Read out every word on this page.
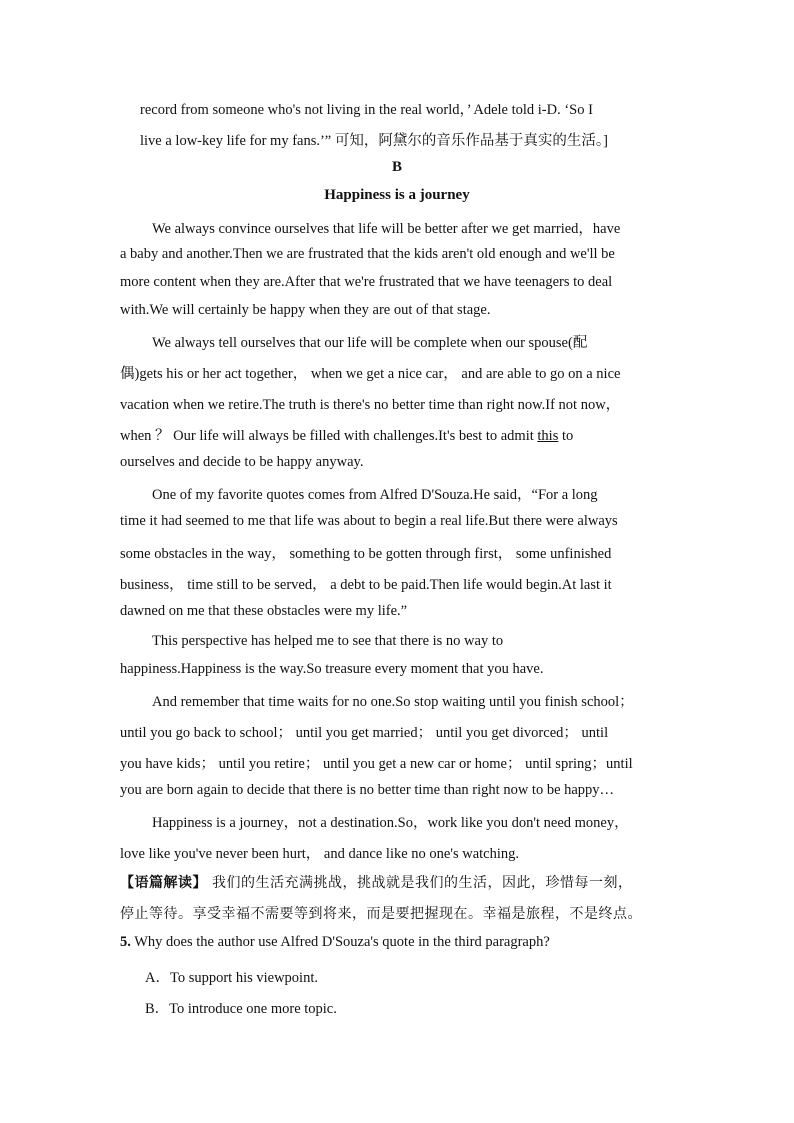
record from someone who's not living in the real world，’ Adele told i-D. ‘So I
live a low-key life for my fans.’” 可知，阿黛尔的音乐作品基于真实的生活。]
B
Happiness is a journey
We always convince ourselves that life will be better after we get married，have
a baby and another.Then we are frustrated that the kids aren't old enough and we'll be
more content when they are.After that we're frustrated that we have teenagers to deal
with.We will certainly be happy when they are out of that stage.
We always tell ourselves that our life will be complete when our spouse(配
偶)gets his or her act together， when we get a nice car， and are able to go on a nice
vacation when we retire.The truth is there's no better time than right now.If not now，
when ？ Our life will always be filled with challenges.It's best to admit this to
ourselves and decide to be happy anyway.
One of my favorite quotes comes from Alfred D'Souza.He said，“For a long
time it had seemed to me that life was about to begin a real life.But there were always
some obstacles in the way， something to be gotten through first， some unfinished
business， time still to be served， a debt to be paid.Then life would begin.At last it
dawned on me that these obstacles were my life.”
This perspective has helped me to see that there is no way to
happiness.Happiness is the way.So treasure every moment that you have.
And remember that time waits for no one.So stop waiting until you finish school；
until you go back to school； until you get married； until you get divorced； until
you have kids； until you retire； until you get a new car or home； until spring；until
you are born again to decide that there is no better time than right now to be happy…
Happiness is a journey，not a destination.So，work like you don't need money，
love like you've never been hurt， and dance like no one's watching.
【语篇解读】 我们的生活充满挑战，挑战就是我们的生活，因此，珍惜每一刻，
停止等待。享受幸福不需要等到将来，而是要把握现在。幸福是旅程，不是终点。
5. Why does the author use Alfred D'Souza's quote in the third paragraph?
A．To support his viewpoint.
B．To introduce one more topic.
